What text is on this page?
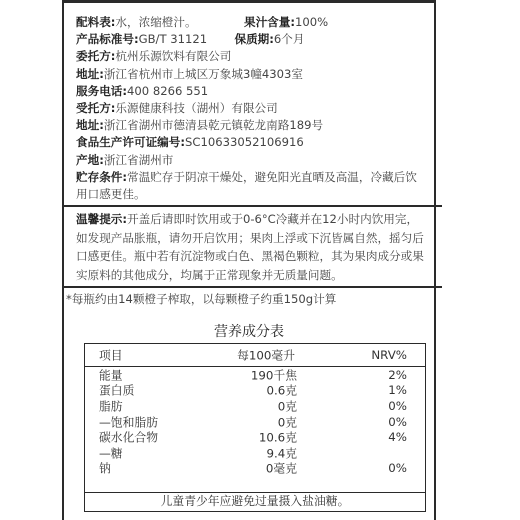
配料表:水，浓缩橙汁。	果汁含量:100%
产品标准号:GB/T 31121 保质期:6个月
委托方:杭州乐源饮料有限公司
地址:浙江省杭州市上城区万象城3幢4303室
服务电话:400 8266 551
受托方:乐源健康科技（湖州）有限公司
地址:浙江省湖州市德清县乾元镇乾龙南路189号
食品生产许可证编号:SC10633052106916
产地:浙江省湖州市
贮存条件:常温贮存于阴凉干燥处，避免阳光直晒及高温，冷藏后饮用口感更佳。
温馨提示:开盖后请即时饮用或于0-6°C冷藏并在12小时内饮用完，如发现产品胀瓶，请勿开启饮用；果肉上浮或下沉皆属自然，摇匀后口感更佳。瓶中若有沉淀物或白色、黑褐色颗粒，其为果肉成分或果实原料的其他成分，均属于正常现象并无质量问题。
*每瓶约由14颗橙子榨取，以每颗橙子约重150g计算
营养成分表
项目	每100毫升	NRV%
能量	190千焦	2%
蛋白质	0.6克	1%
脂肪	0克	0%
—饱和脂肪	0克	0%
碳水化合物	10.6克	4%
—糖	9.4克
钠	0毫克	0%
儿童青少年应避免过量摄入盐油糖。
